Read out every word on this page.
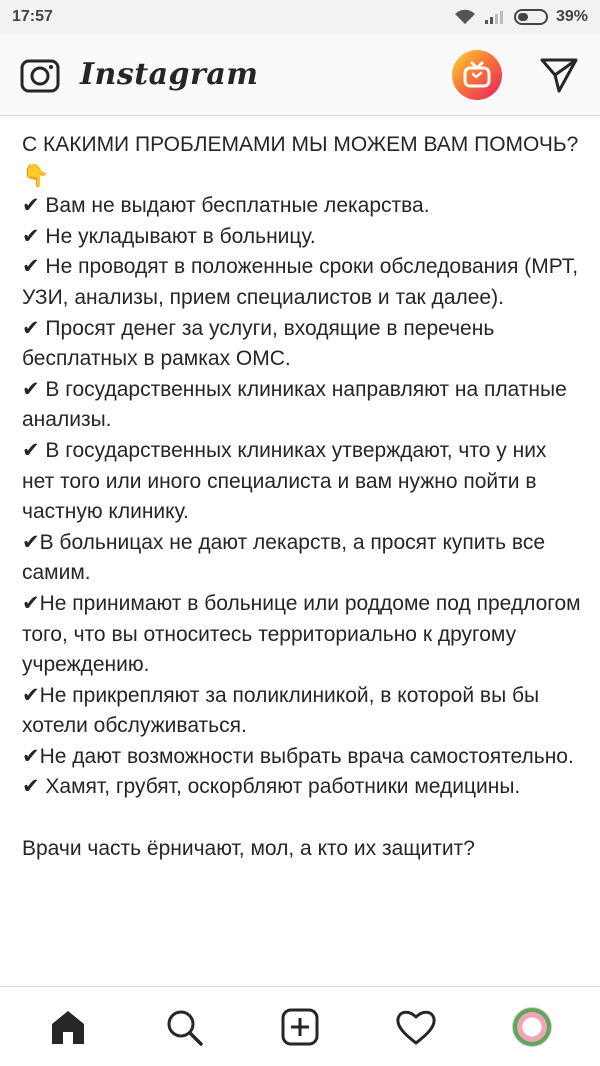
17:57	39%
Instagram

С КАКИМИ ПРОБЛЕМАМИ МЫ МОЖЕМ ВАМ ПОМОЧЬ?

👇

✔ Вам не выдают бесплатные лекарства.

✔ Не укладывают в больницу.

✔ Не проводят в положенные сроки обследования (МРТ, УЗИ, анализы, прием специалистов и так далее).

✔ Просят денег за услуги, входящие в перечень бесплатных в рамках ОМС.

✔ В государственных клиниках направляют на платные анализы.

✔ В государственных клиниках утверждают, что у них нет того или иного специалиста и вам нужно пойти в частную клинику.

✔В больницах не дают лекарств, а просят купить все самим.

✔Не принимают в больнице или роддоме под предлогом того, что вы относитесь территориально к другому учреждению.

✔Не прикрепляют за поликлиникой, в которой вы бы хотели обслуживаться.

✔Не дают возможности выбрать врача самостоятельно.

✔ Хамят, грубят, оскорбляют работники медицины.

Врачи часть ёрничают, мол, а кто их защитит?
